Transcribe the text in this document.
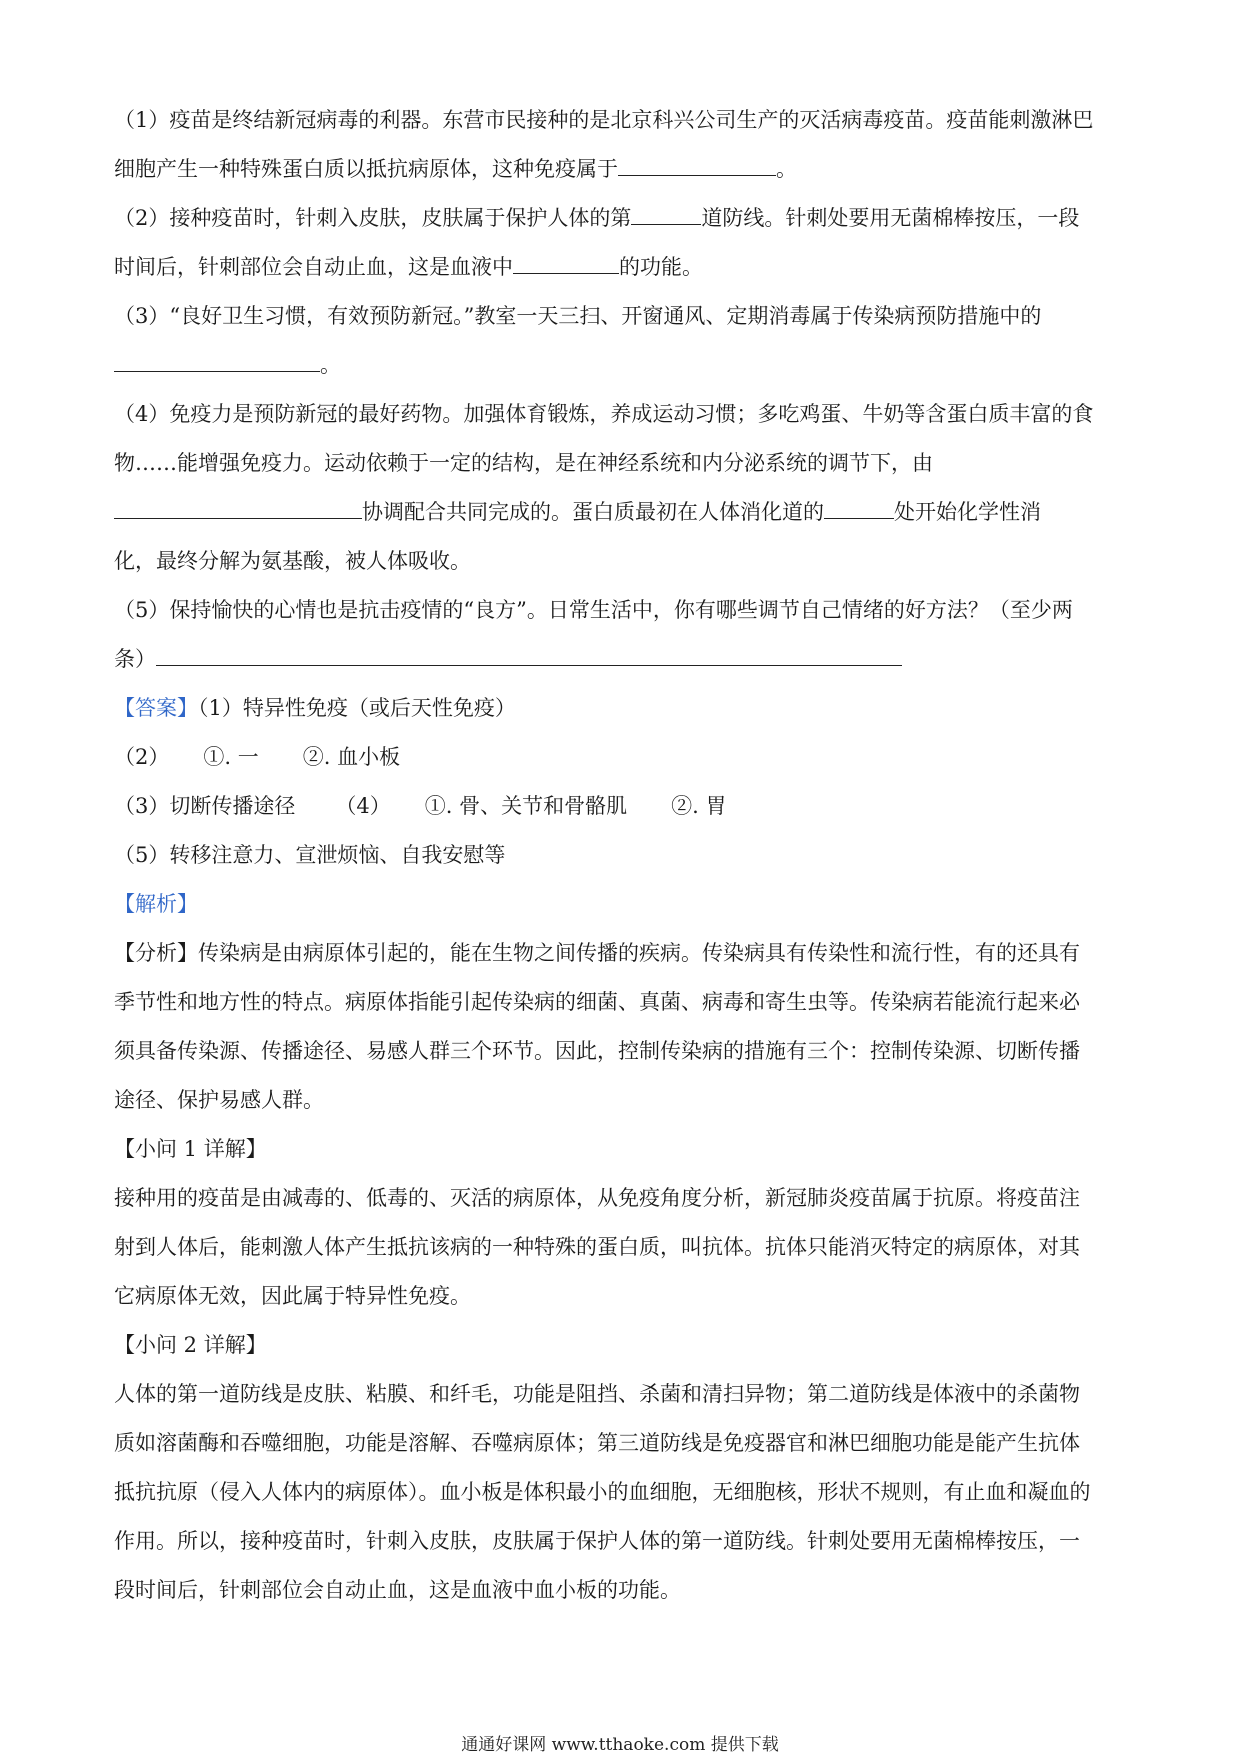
（1）疫苗是终结新冠病毒的利器。东营市民接种的是北京科兴公司生产的灭活病毒疫苗。疫苗能刺激淋巴
细胞产生一种特殊蛋白质以抵抗病原体，这种免疫属于	。
（2）接种疫苗时，针刺入皮肤，皮肤属于保护人体的第	道防线。针刺处要用无菌棉棒按压，一段
时间后，针刺部位会自动止血，这是血液中	的功能。
（3）“良好卫生习惯，有效预防新冠。”教室一天三扫、开窗通风、定期消毒属于传染病预防措施中的
。
（4）免疫力是预防新冠的最好药物。加强体育锻炼，养成运动习惯；多吃鸡蛋、牛奶等含蛋白质丰富的食
物……能增强免疫力。运动依赖于一定的结构，是在神经系统和内分泌系统的调节下，由
协调配合共同完成的。蛋白质最初在人体消化道的	处开始化学性消
化，最终分解为氨基酸，被人体吸收。
（5）保持愉快的心情也是抗击疫情的“良方”。日常生活中，你有哪些调节自己情绪的好方法？（至少两
条）
【答案】（1）特异性免疫（或后天性免疫）
（2） ①. 一 ②. 血小板
（3）切断传播途径 （4） ①. 骨、关节和骨骼肌 ②. 胃
（5）转移注意力、宣泄烦恼、自我安慰等
【解析】
【分析】传染病是由病原体引起的，能在生物之间传播的疾病。传染病具有传染性和流行性，有的还具有
季节性和地方性的特点。病原体指能引起传染病的细菌、真菌、病毒和寄生虫等。传染病若能流行起来必
须具备传染源、传播途径、易感人群三个环节。因此，控制传染病的措施有三个：控制传染源、切断传播
途径、保护易感人群。
【小问 1 详解】
接种用的疫苗是由减毒的、低毒的、灭活的病原体，从免疫角度分析，新冠肺炎疫苗属于抗原。将疫苗注
射到人体后，能刺激人体产生抵抗该病的一种特殊的蛋白质，叫抗体。抗体只能消灭特定的病原体，对其
它病原体无效，因此属于特异性免疫。
【小问 2 详解】
人体的第一道防线是皮肤、粘膜、和纤毛，功能是阻挡、杀菌和清扫异物；第二道防线是体液中的杀菌物
质如溶菌酶和吞噬细胞，功能是溶解、吞噬病原体；第三道防线是免疫器官和淋巴细胞功能是能产生抗体
抵抗抗原（侵入人体内的病原体）。血小板是体积最小的血细胞，无细胞核，形状不规则，有止血和凝血的
作用。所以，接种疫苗时，针刺入皮肤，皮肤属于保护人体的第一道防线。针刺处要用无菌棉棒按压，一
段时间后，针刺部位会自动止血，这是血液中血小板的功能。
通通好课网 www.tthaoke.com 提供下载
